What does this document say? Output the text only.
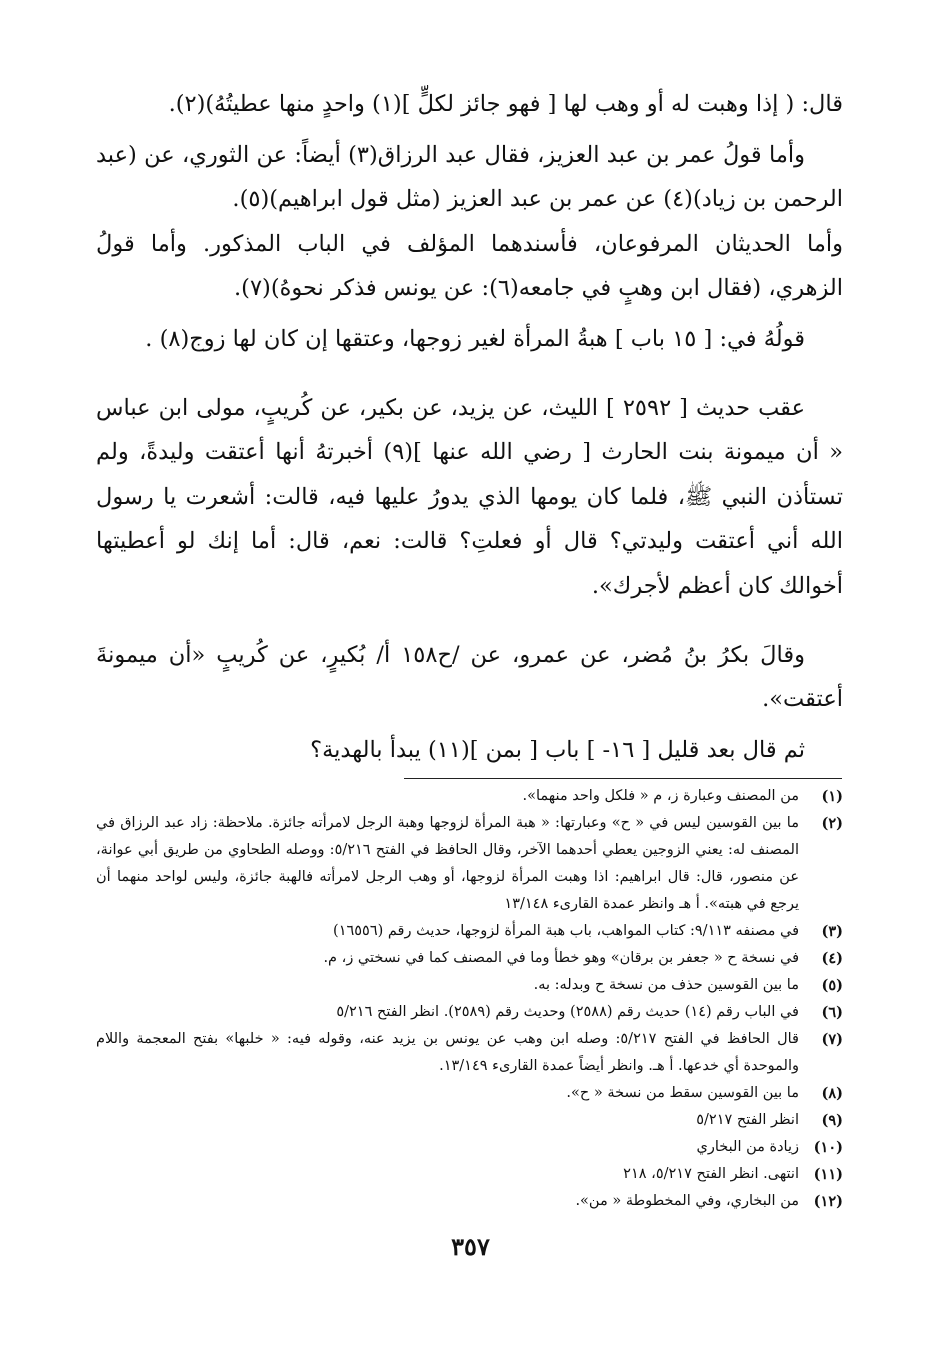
قال: ( إذا وهبت له أو وهب لها [ فهو جائز لكلٍّ ](١) واحدٍ منها عطيتُهُ)(٢).

وأما قولُ عمر بن عبد العزيز، فقال عبد الرزاق(٣) أيضاً: عن الثوري، عن (عبد الرحمن بن زياد)(٤) عن عمر بن عبد العزيز (مثل قول ابراهيم)(٥).

وأما الحديثان المرفوعان، فأسندهما المؤلف في الباب المذكور. وأما قولُ الزهري، (فقال ابن وهبٍ في جامعه(٦): عن يونس فذكر نحوهُ)(٧).

قولُهُ في: [ ١٥ باب ] هبةُ المرأة لغير زوجها، وعتقها إن كان لها زوج(٨) .

عقب حديث [ ٢٥٩٢ ] الليث، عن يزيد، عن بكير، عن كُريبٍ، مولى ابن عباس « أن ميمونة بنت الحارث [ رضي الله عنها ](٩) أخبرتهُ أنها أعتقت وليدةً، ولم تستأذن النبي ﷺ، فلما كان يومها الذي يدورُ عليها فيه، قالت: أشعرت يا رسول الله أني أعتقت وليدتي؟ قال أو فعلتِ؟ قالت: نعم، قال: أما إنك لو أعطيتها أخوالك كان أعظم لأجرك».

وقالَ بكرُ بنُ مُضر، عن عمرو، عن /ح١٥٨ أ/ بُكيرٍ، عن كُريبٍ «أن ميمونةَ أعتقت».

ثم قال بعد قليل [ ١٦- ] باب [ بمن ](١١) يبدأ بالهدية؟

(١)
من المصنف وعبارة ز، م « فلكل واحد منهما».
(٢)
ما بين القوسين ليس في « ح» وعبارتها: « هبة المرأة لزوجها وهبة الرجل لامرأته جائزة. ملاحظة: زاد عبد الرزاق في المصنف له: يعني الزوجين يعطي أحدهما الآخر، وقال الحافظ في الفتح ٥/٢١٦: ووصله الطحاوي من طريق أبي عوانة، عن منصور، قال: قال ابراهيم: اذا وهبت المرأة لزوجها، أو وهب الرجل لامرأته فالهبة جائزة، وليس لواحد منهما أن يرجع في هبته». أ هـ وانظر عمدة القارىء ١٣/١٤٨
(٣)
في مصنفه ٩/١١٣: كتاب المواهب، باب هبة المرأة لزوجها، حديث رقم (١٦٥٥٦)
(٤)
في نسخة ح « جعفر بن برقان» وهو خطأ وما في المصنف كما في نسختي ز، م.
(٥)
ما بين القوسين حذف من نسخة ح وبدله: به.
(٦)
في الباب رقم (١٤) حديث رقم (٢٥٨٨) وحديث رقم (٢٥٨٩). انظر الفتح ٥/٢١٦
(٧)
قال الحافظ في الفتح ٥/٢١٧: وصله ابن وهب عن يونس بن يزيد عنه، وقوله فيه: « خلبها» بفتح المعجمة واللام والموحدة أي خدعها. أ هـ. وانظر أيضاً عمدة القارىء ١٣/١٤٩.
(٨)
ما بين القوسين سقط من نسخة « ح».
(٩)
انظر الفتح ٥/٢١٧
(١٠)
زيادة من البخاري
(١١)
انتهى. انظر الفتح ٥/٢١٧، ٢١٨
(١٢)
من البخاري، وفي المخطوطة « من».
٣٥٧
